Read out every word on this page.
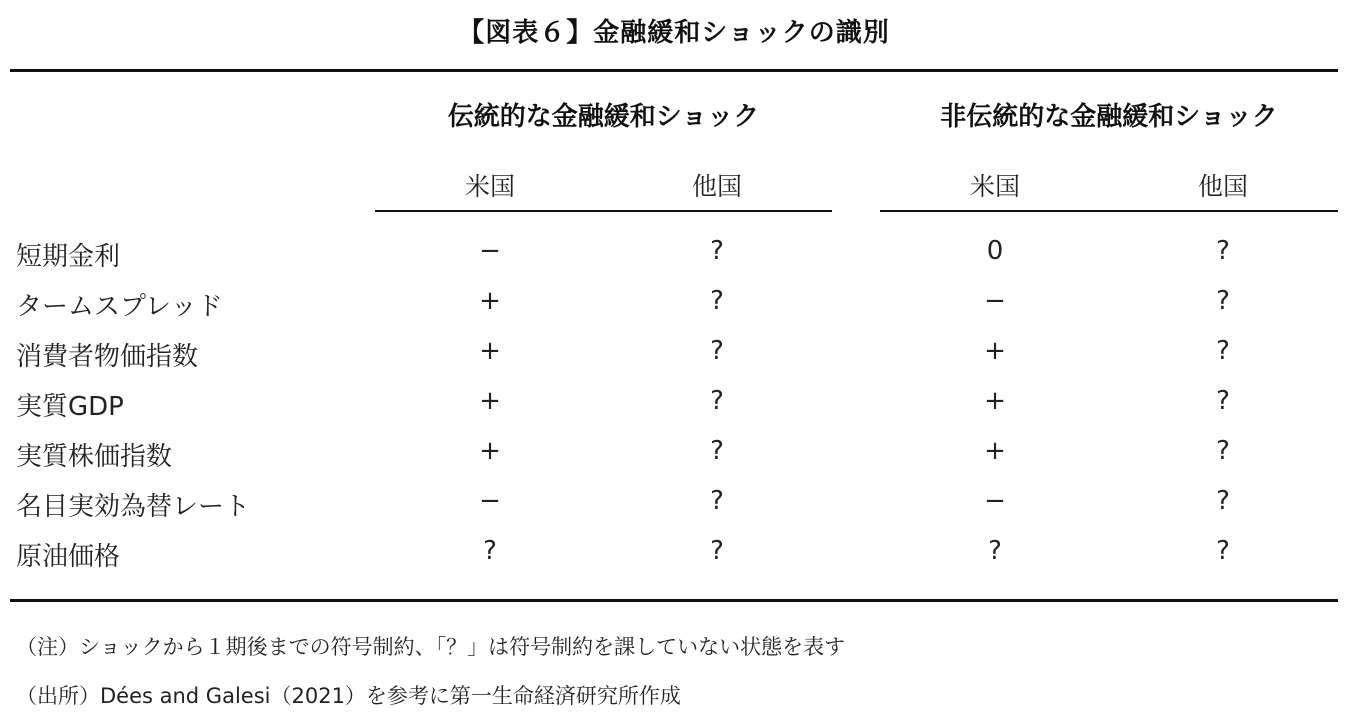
【図表６】金融緩和ショックの識別
伝統的な金融緩和ショック	非伝統的な金融緩和ショック
米国	他国	米国	他国
短期金利	−	?	0	?
タームスプレッド	+	?	−	?
消費者物価指数	+	?	+	?
実質GDP	+	?	+	?
実質株価指数	+	?	+	?
名目実効為替レート	−	?	−	?
原油価格	?	?	?	?
（注）ショックから１期後までの符号制約、「？」は符号制約を課していない状態を表す
（出所）Dées and Galesi（2021）を参考に第一生命経済研究所作成
